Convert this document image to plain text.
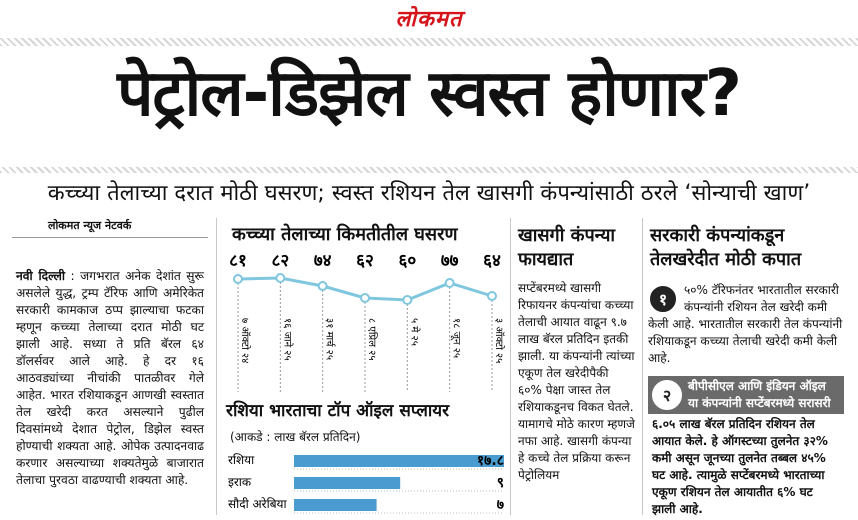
लोकमत
पेट्रोल-डिझेल स्वस्त होणार?
कच्च्या तेलाच्या दरात मोठी घसरण; स्वस्त रशियन तेल खासगी कंपन्यांसाठी ठरले ‘सोन्याची खाण’
लोकमत न्यूज नेटवर्क
नवी दिल्ली : जगभरात अनेक देशांत सुरू असलेले युद्ध, ट्रम्प टॅरिफ आणि अमेरिकेत सरकारी कामकाज ठप्प झाल्याचा फटका म्हणून कच्च्या तेलाच्या दरात मोठी घट झाली आहे. सध्या ते प्रति बॅरल ६४ डॉलर्सवर आले आहे. हे दर १६ आठवड्यांच्या नीचांकी पातळीवर गेले आहेत. भारत रशियाकडून आणखी स्वस्तात तेल खरेदी करत असल्याने पुढील दिवसांमध्ये देशात पेट्रोल, डिझेल स्वस्त होण्याची शक्यता आहे. ओपेक उत्पादनवाढ करणार असल्याच्या शक्यतेमुळे बाजारात तेलाचा पुरवठा वाढण्याची शक्यता आहे.
कच्च्या तेलाच्या किमतीतील घसरण
८१ ८२ ७४ ६२ ६० ७७ ६४
७ ऑक्टो २४	१६ जाने २५	३१ मार्च २५	८ एप्रिल २५	५ मे २५	१८ जून २५	३ ऑक्टो २५
रशिया भारताचा टॉप ऑइल सप्लायर
(आकडे : लाख बॅरल प्रतिदिन)
रशिया	१७.८
इराक	९
सौदी अरेबिया	७
खासगी कंपन्या फायद्यात
सप्टेंबरमध्ये खासगी रिफायनर कंपन्यांचा कच्च्या तेलाची आयात वाढून ९.७ लाख बॅरल प्रतिदिन इतकी झाली. या कंपन्यांनी त्यांच्या एकूण तेल खरेदीपैकी ६०% पेक्षा जास्त तेल रशियाकडूनच विकत घेतले. यामागचे मोठे कारण म्हणजे नफा आहे. खासगी कंपन्या हे कच्चे तेल प्रक्रिया करून पेट्रोलियम
सरकारी कंपन्यांकडून तेलखरेदीत मोठी कपात
१	५०% टॅरिफनंतर भारतातील सरकारी कंपन्यांनी रशियन तेल खरेदी कमी केली आहे. भारतातील सरकारी तेल कंपन्यांनी रशियाकडून कच्च्या तेलाची खरेदी कमी केली आहे.
२	बीपीसीएल आणि इंडियन ऑइल या कंपन्यांनी सप्टेंबरमध्ये सरासरी
६.०५ लाख बॅरल प्रतिदिन रशियन तेल आयात केले. हे ऑगस्टच्या तुलनेत ३२% कमी असून जूनच्या तुलनेत तब्बल ४५% घट आहे. त्यामुळे सप्टेंबरमध्ये भारताच्या एकूण रशियन तेल आयातीत ६% घट झाली आहे.
